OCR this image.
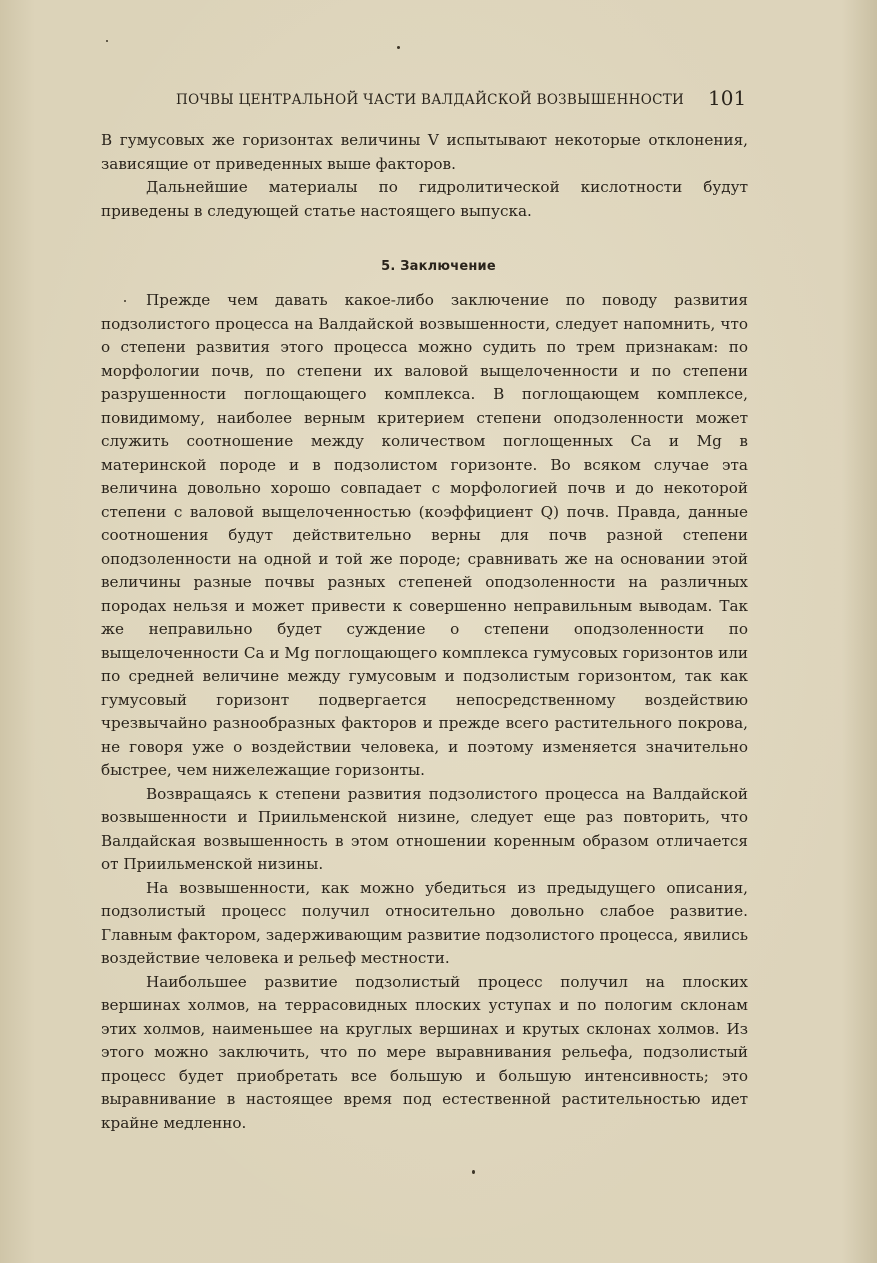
ПОЧВЫ ЦЕНТРАЛЬНОЙ ЧАСТИ ВАЛДАЙСКОЙ ВОЗВЫШЕННОСТИ 101

В гумусовых же горизонтах величины V испытывают некоторые отклонения, зависящие от приведенных выше факторов.

Дальнейшие материалы по гидролитической кислотности будут приведены в следующей статье настоящего выпуска.

5. Заключение

Прежде чем давать какое-либо заключение по поводу развития подзолистого процесса на Валдайской возвышенности, следует напомнить, что о степени развития этого процесса можно судить по трем признакам: по морфологии почв, по степени их валовой выщелоченности и по степени разрушенности поглощающего комплекса. В поглощающем комплексе, повидимому, наиболее верным критерием степени оподзоленности может служить соотношение между количеством поглощенных Ca и Mg в материнской породе и в подзолистом горизонте. Во всяком случае эта величина довольно хорошо совпадает с морфологией почв и до некоторой степени с валовой выщелоченностью (коэффициент Q) почв. Правда, данные соотношения будут действительно верны для почв разной степени оподзоленности на одной и той же породе; сравнивать же на основании этой величины разные почвы разных степеней оподзоленности на различных породах нельзя и может привести к совершенно неправильным выводам. Так же неправильно будет суждение о степени оподзоленности по выщелоченности Ca и Mg поглощающего комплекса гумусовых горизонтов или по средней величине между гумусовым и подзолистым горизонтом, так как гумусовый горизонт подвергается непосредственному воздействию чрезвычайно разнообразных факторов и прежде всего растительного покрова, не говоря уже о воздействии человека, и поэтому изменяется значительно быстрее, чем нижележащие горизонты.

Возвращаясь к степени развития подзолистого процесса на Валдайской возвышенности и Приильменской низине, следует еще раз повторить, что Валдайская возвышенность в этом отношении коренным образом отличается от Приильменской низины.

На возвышенности, как можно убедиться из предыдущего описания, подзолистый процесс получил относительно довольно слабое развитие. Главным фактором, задерживающим развитие подзолистого процесса, явились воздействие человека и рельеф местности.

Наибольшее развитие подзолистый процесс получил на плоских вершинах холмов, на террасовидных плоских уступах и по пологим склонам этих холмов, наименьшее на круглых вершинах и крутых склонах холмов. Из этого можно заключить, что по мере выравнивания рельефа, подзолистый процесс будет приобретать все большую и большую интенсивность; это выравнивание в настоящее время под естественной растительностью идет крайне медленно.
